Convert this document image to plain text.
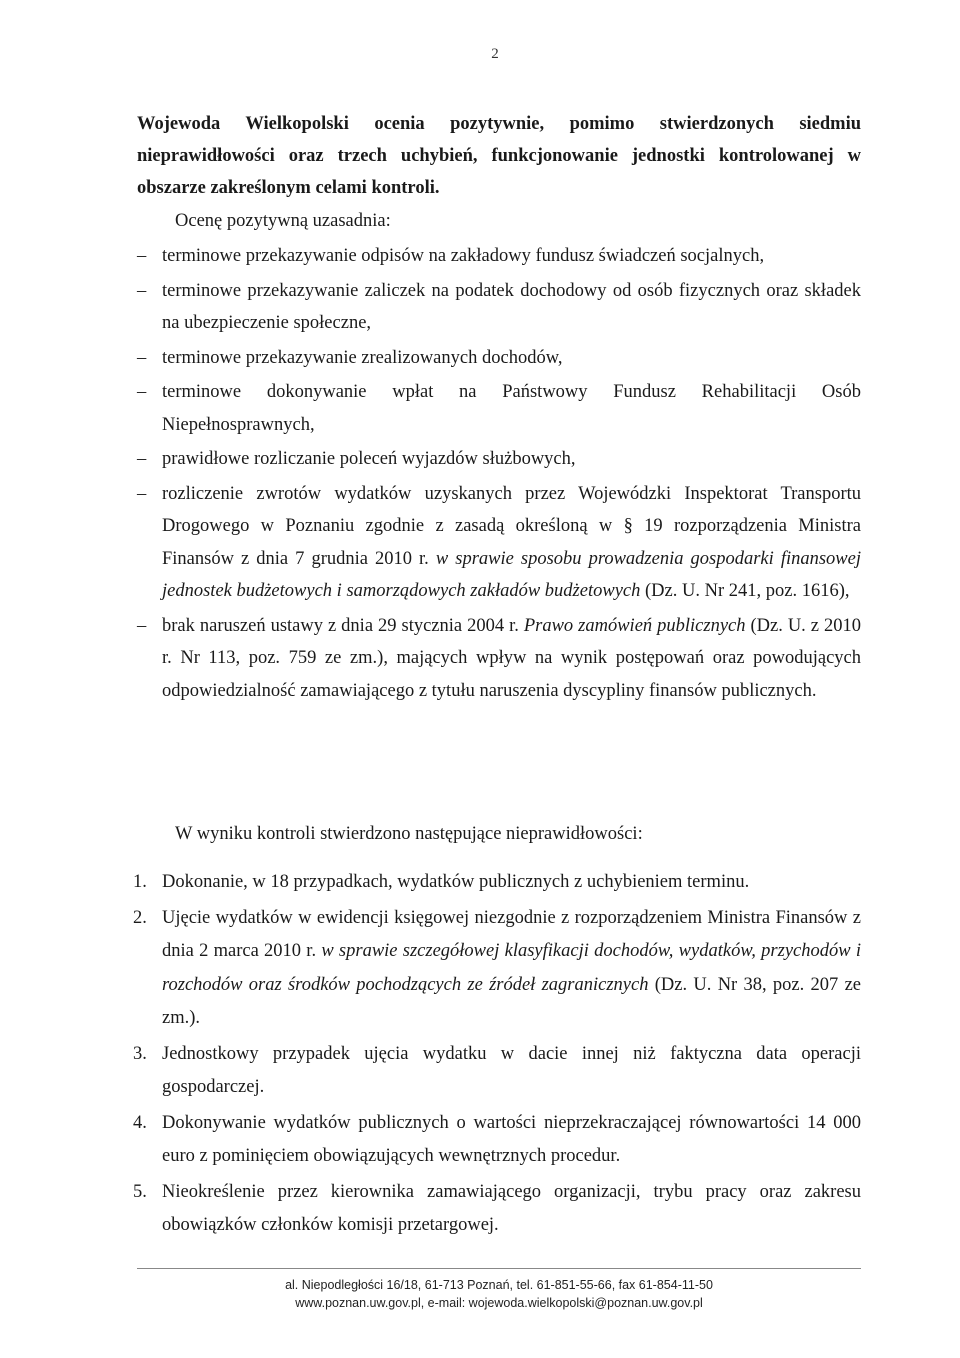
2
Wojewoda Wielkopolski ocenia pozytywnie, pomimo stwierdzonych siedmiu nieprawidłowości oraz trzech uchybień, funkcjonowanie jednostki kontrolowanej w obszarze zakreślonym celami kontroli.
Ocenę pozytywną uzasadnia:
– terminowe przekazywanie odpisów na zakładowy fundusz świadczeń socjalnych,
– terminowe przekazywanie zaliczek na podatek dochodowy od osób fizycznych oraz składek na ubezpieczenie społeczne,
– terminowe przekazywanie zrealizowanych dochodów,
– terminowe dokonywanie wpłat na Państwowy Fundusz Rehabilitacji Osób Niepełnosprawnych,
– prawidłowe rozliczanie poleceń wyjazdów służbowych,
– rozliczenie zwrotów wydatków uzyskanych przez Wojewódzki Inspektorat Transportu Drogowego w Poznaniu zgodnie z zasadą określoną w § 19 rozporządzenia Ministra Finansów z dnia 7 grudnia 2010 r. w sprawie sposobu prowadzenia gospodarki finansowej jednostek budżetowych i samorządowych zakładów budżetowych (Dz. U. Nr 241, poz. 1616),
– brak naruszeń ustawy z dnia 29 stycznia 2004 r. Prawo zamówień publicznych (Dz. U. z 2010 r. Nr 113, poz. 759 ze zm.), mających wpływ na wynik postępowań oraz powodujących odpowiedzialność zamawiającego z tytułu naruszenia dyscypliny finansów publicznych.
W wyniku kontroli stwierdzono następujące nieprawidłowości:
1. Dokonanie, w 18 przypadkach, wydatków publicznych z uchybieniem terminu.
2. Ujęcie wydatków w ewidencji księgowej niezgodnie z rozporządzeniem Ministra Finansów z dnia 2 marca 2010 r. w sprawie szczegółowej klasyfikacji dochodów, wydatków, przychodów i rozchodów oraz środków pochodzących ze źródeł zagranicznych (Dz. U. Nr 38, poz. 207 ze zm.).
3. Jednostkowy przypadek ujęcia wydatku w dacie innej niż faktyczna data operacji gospodarczej.
4. Dokonywanie wydatków publicznych o wartości nieprzekraczającej równowartości 14 000 euro z pominięciem obowiązujących wewnętrznych procedur.
5. Nieokreślenie przez kierownika zamawiającego organizacji, trybu pracy oraz zakresu obowiązków członków komisji przetargowej.
al. Niepodległości 16/18, 61-713 Poznań, tel. 61-851-55-66, fax 61-854-11-50
www.poznan.uw.gov.pl, e-mail: wojewoda.wielkopolski@poznan.uw.gov.pl
